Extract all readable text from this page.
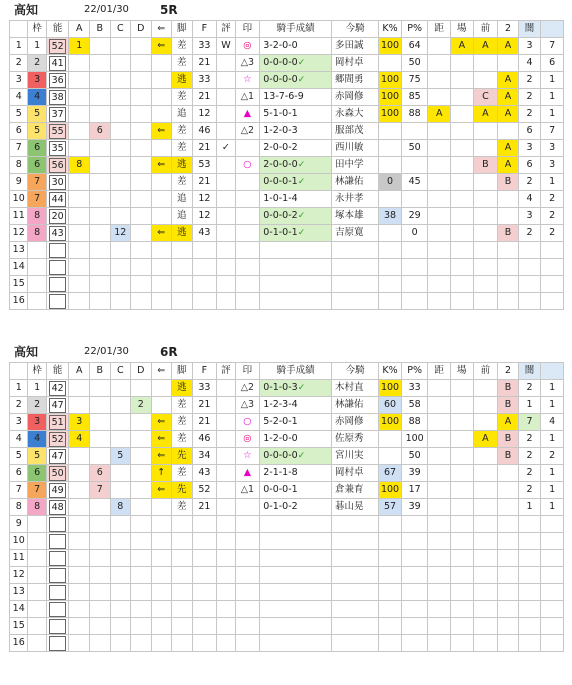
高知	22/01/30	5R
	枠	能	A	B	C	D	⇐	脚	F	評	印	騎手成績	今騎	K%	P%	距	場	前	2	闇	
1	1	52	1				⇐	差	33	W	◎	3-2-0-0	多田誠	100	64		A	A	A	3	7
2	2	41						差	21		△3	0-0-0-0✓	岡村卓		50					4	6
3	3	36						逃	33		☆	0-0-0-0✓	郷間勇	100	75				A	2	1
4	4	38						差	21		△1	13-7-6-9	赤岡修	100	85			C	A	2	1
5	5	37						追	12		▲	5-1-0-1	永森大	100	88	A		A	A	2	1
6	5	55		6			⇐	差	46		△2	1-2-0-3	服部茂							6	7
7	6	35						差	21	✓		2-0-0-2	西川敏		50				A	3	3
8	6	56	8				⇐	逃	53		○	2-0-0-0✓	田中学					B	A	6	3
9	7	30						差	21			0-0-0-1✓	林謙佑	0	45				B	2	1
10	7	44						追	12			1-0-1-4	永井孝							4	2
11	8	20						追	12			0-0-0-2✓	塚本雄	38	29					3	2
12	8	43			12		⇐	逃	43			0-1-0-1✓	吉原寛		0				B	2	2
13		

14		

15		

16		

高知	22/01/30	6R
	枠	能	A	B	C	D	⇐	脚	F	評	印	騎手成績	今騎	K%	P%	距	場	前	2	闇	
1	1	42						逃	33		△2	0-1-0-3✓	木村直	100	33				B	2	1
2	2	47				2		差	21		△3	1-2-3-4	林謙佑	60	58				B	1	1
3	3	51	3				⇐	差	21		○	5-2-0-1	赤岡修	100	88				A	7	4
4	4	52	4				⇐	差	46		◎	1-2-0-0	佐原秀		100			A	B	2	1
5	5	47			5		⇐	先	34		☆	0-0-0-0✓	宮川実		50				B	2	2
6	6	50		6			↑	差	43		▲	2-1-1-8	岡村卓	67	39					2	1
7	7	49		7			⇐	先	52		△1	0-0-0-1	倉兼育	100	17					2	1
8	8	48			8			差	21			0-1-0-2	碁山晃	57	39					1	1
9		

10		

11		

12		

13		

14		

15		

16		
